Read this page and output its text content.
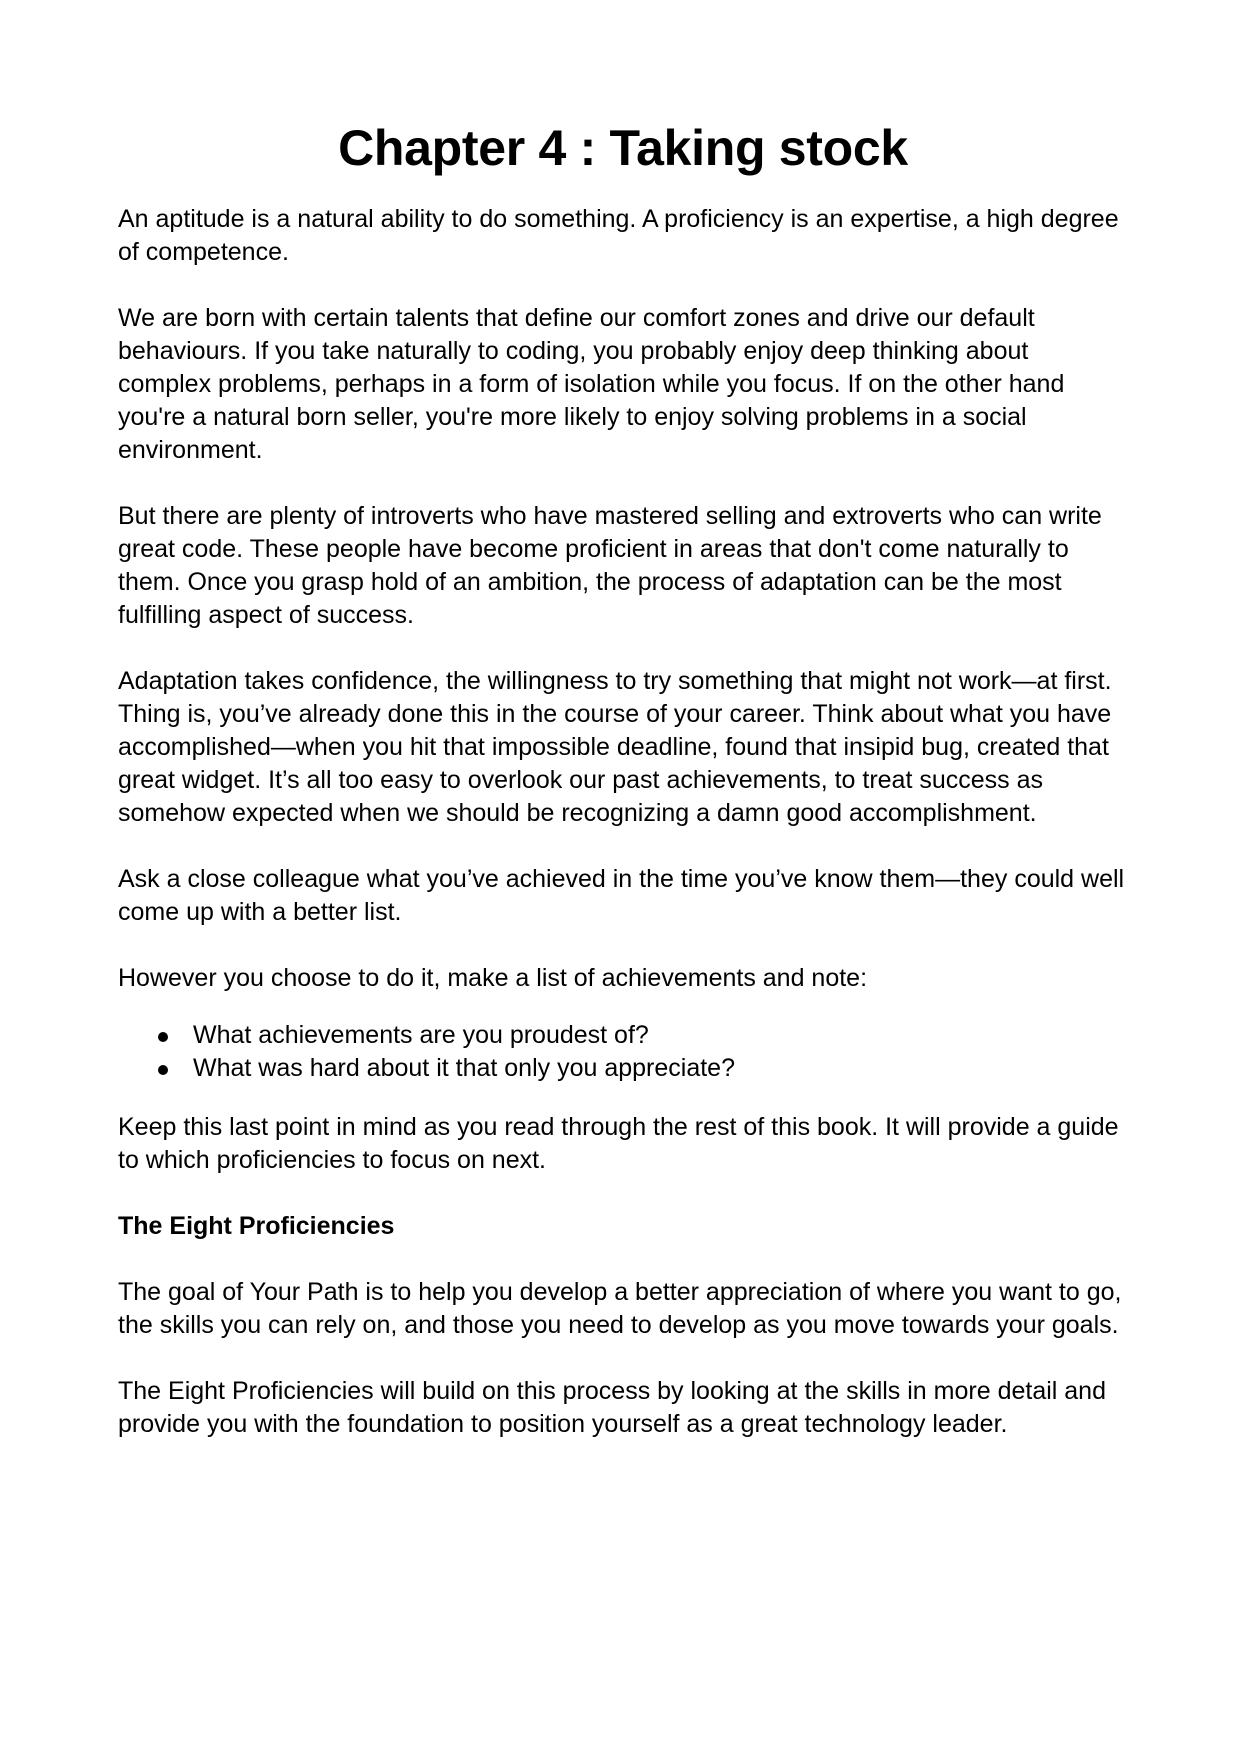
Chapter 4 : Taking stock

An aptitude is a natural ability to do something. A proficiency is an expertise, a high degree of competence.

We are born with certain talents that define our comfort zones and drive our default behaviours. If you take naturally to coding, you probably enjoy deep thinking about complex problems, perhaps in a form of isolation while you focus. If on the other hand you're a natural born seller, you're more likely to enjoy solving problems in a social environment.

But there are plenty of introverts who have mastered selling and extroverts who can write great code. These people have become proficient in areas that don't come naturally to them. Once you grasp hold of an ambition, the process of adaptation can be the most fulfilling aspect of success.

Adaptation takes confidence, the willingness to try something that might not work—at first. Thing is, you’ve already done this in the course of your career. Think about what you have accomplished—when you hit that impossible deadline, found that insipid bug, created that great widget. It’s all too easy to overlook our past achievements, to treat success as somehow expected when we should be recognizing a damn good accomplishment.

Ask a close colleague what you’ve achieved in the time you’ve know them—they could well come up with a better list.

However you choose to do it, make a list of achievements and note:

What achievements are you proudest of?
What was hard about it that only you appreciate?

Keep this last point in mind as you read through the rest of this book. It will provide a guide to which proficiencies to focus on next.

The Eight Proficiencies

The goal of Your Path is to help you develop a better appreciation of where you want to go, the skills you can rely on, and those you need to develop as you move towards your goals.

The Eight Proficiencies will build on this process by looking at the skills in more detail and provide you with the foundation to position yourself as a great technology leader.
